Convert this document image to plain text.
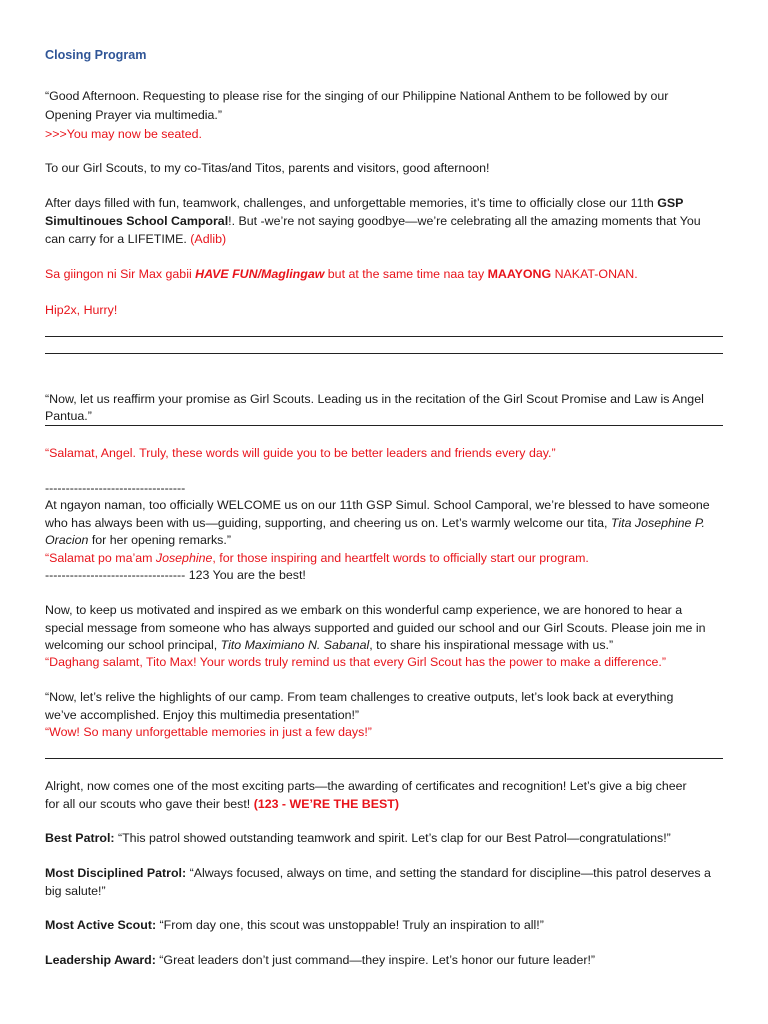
Closing Program
“Good Afternoon. Requesting to please rise for the singing of our Philippine National Anthem to be followed by our
Opening Prayer via multimedia.”
>>>You may now be seated.
To our Girl Scouts, to my co-Titas/and Titos, parents and visitors, good afternoon!
After days filled with fun, teamwork, challenges, and unforgettable memories, it’s time to officially close our 11th GSP
Simultinoues School Camporal!. But -we’re not saying goodbye—we’re celebrating all the amazing moments that You
can carry for a LIFETIME. (Adlib)
Sa giingon ni Sir Max gabii HAVE FUN/Maglingaw but at the same time naa tay MAAYONG NAKAT-ONAN.
Hip2x, Hurry!
“Now, let us reaffirm your promise as Girl Scouts. Leading us in the recitation of the Girl Scout Promise and Law is Angel
Pantua.”
“Salamat, Angel. Truly, these words will guide you to be better leaders and friends every day.”
----------------------------------
At ngayon naman, too officially WELCOME us on our 11th GSP Simul. School Camporal, we’re blessed to have someone
who has always been with us—guiding, supporting, and cheering us on. Let’s warmly welcome our tita, Tita Josephine P.
Oracion for her opening remarks.”
“Salamat po ma’am Josephine, for those inspiring and heartfelt words to officially start our program.
---------------------------------- 123 You are the best!
Now, to keep us motivated and inspired as we embark on this wonderful camp experience, we are honored to hear a
special message from someone who has always supported and guided our school and our Girl Scouts. Please join me in
welcoming our school principal, Tito Maximiano N. Sabanal, to share his inspirational message with us.”
“Daghang salamt, Tito Max! Your words truly remind us that every Girl Scout has the power to make a difference.”
“Now, let’s relive the highlights of our camp. From team challenges to creative outputs, let’s look back at everything
we’ve accomplished. Enjoy this multimedia presentation!”
“Wow! So many unforgettable memories in just a few days!”
Alright, now comes one of the most exciting parts—the awarding of certificates and recognition! Let’s give a big cheer
for all our scouts who gave their best! (123 - WE’RE THE BEST)
Best Patrol: “This patrol showed outstanding teamwork and spirit. Let’s clap for our Best Patrol—congratulations!”
Most Disciplined Patrol: “Always focused, always on time, and setting the standard for discipline—this patrol deserves a
big salute!”
Most Active Scout: “From day one, this scout was unstoppable! Truly an inspiration to all!”
Leadership Award: “Great leaders don’t just command—they inspire. Let’s honor our future leader!”
